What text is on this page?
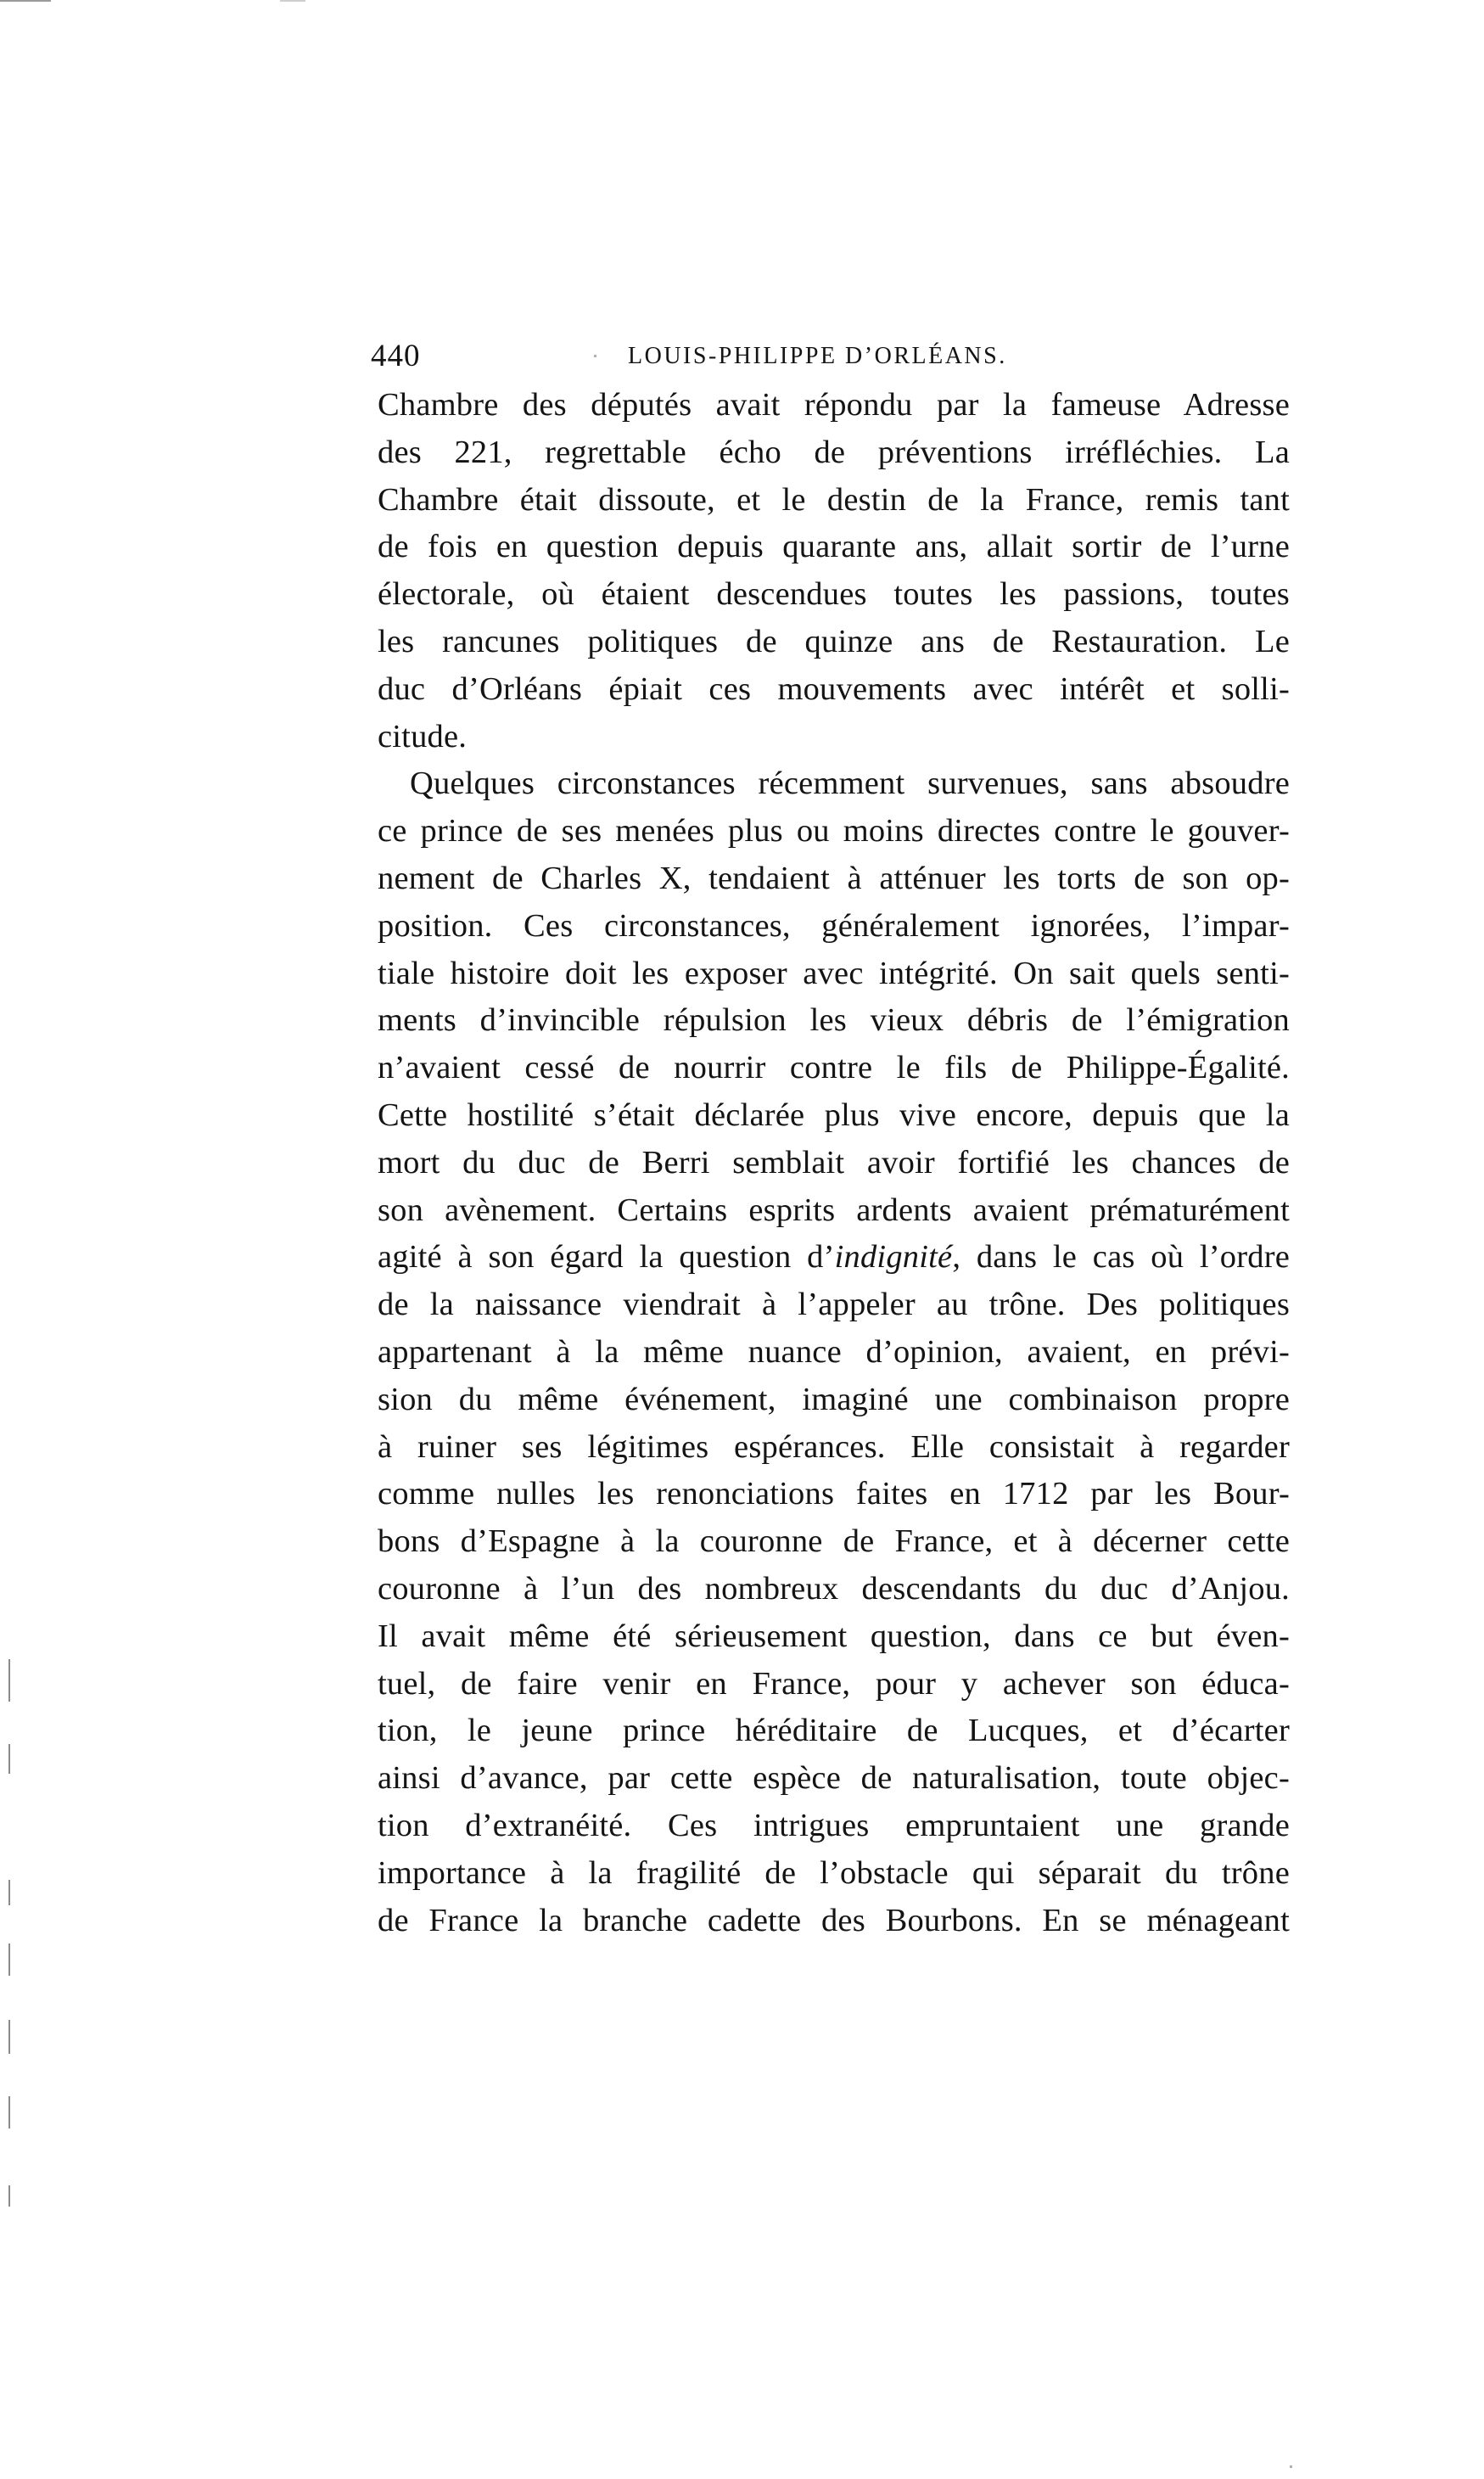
440	LOUIS-PHILIPPE D’ORLÉANS.
Chambre des députés avait répondu par la fameuse Adresse
des 221, regrettable écho de préventions irréfléchies. La
Chambre était dissoute, et le destin de la France, remis tant
de fois en question depuis quarante ans, allait sortir de l’urne
électorale, où étaient descendues toutes les passions, toutes
les rancunes politiques de quinze ans de Restauration. Le
duc d’Orléans épiait ces mouvements avec intérêt et solli-
citude.
Quelques circonstances récemment survenues, sans absoudre
ce prince de ses menées plus ou moins directes contre le gouver-
nement de Charles X, tendaient à atténuer les torts de son op-
position. Ces circonstances, généralement ignorées, l’impar-
tiale histoire doit les exposer avec intégrité. On sait quels senti-
ments d’invincible répulsion les vieux débris de l’émigration
n’avaient cessé de nourrir contre le fils de Philippe-Égalité.
Cette hostilité s’était déclarée plus vive encore, depuis que la
mort du duc de Berri semblait avoir fortifié les chances de
son avènement. Certains esprits ardents avaient prématurément
agité à son égard la question d’indignité, dans le cas où l’ordre
de la naissance viendrait à l’appeler au trône. Des politiques
appartenant à la même nuance d’opinion, avaient, en prévi-
sion du même événement, imaginé une combinaison propre
à ruiner ses légitimes espérances. Elle consistait à regarder
comme nulles les renonciations faites en 1712 par les Bour-
bons d’Espagne à la couronne de France, et à décerner cette
couronne à l’un des nombreux descendants du duc d’Anjou.
Il avait même été sérieusement question, dans ce but éven-
tuel, de faire venir en France, pour y achever son éduca-
tion, le jeune prince héréditaire de Lucques, et d’écarter
ainsi d’avance, par cette espèce de naturalisation, toute objec-
tion d’extranéité. Ces intrigues empruntaient une grande
importance à la fragilité de l’obstacle qui séparait du trône
de France la branche cadette des Bourbons. En se ménageant
